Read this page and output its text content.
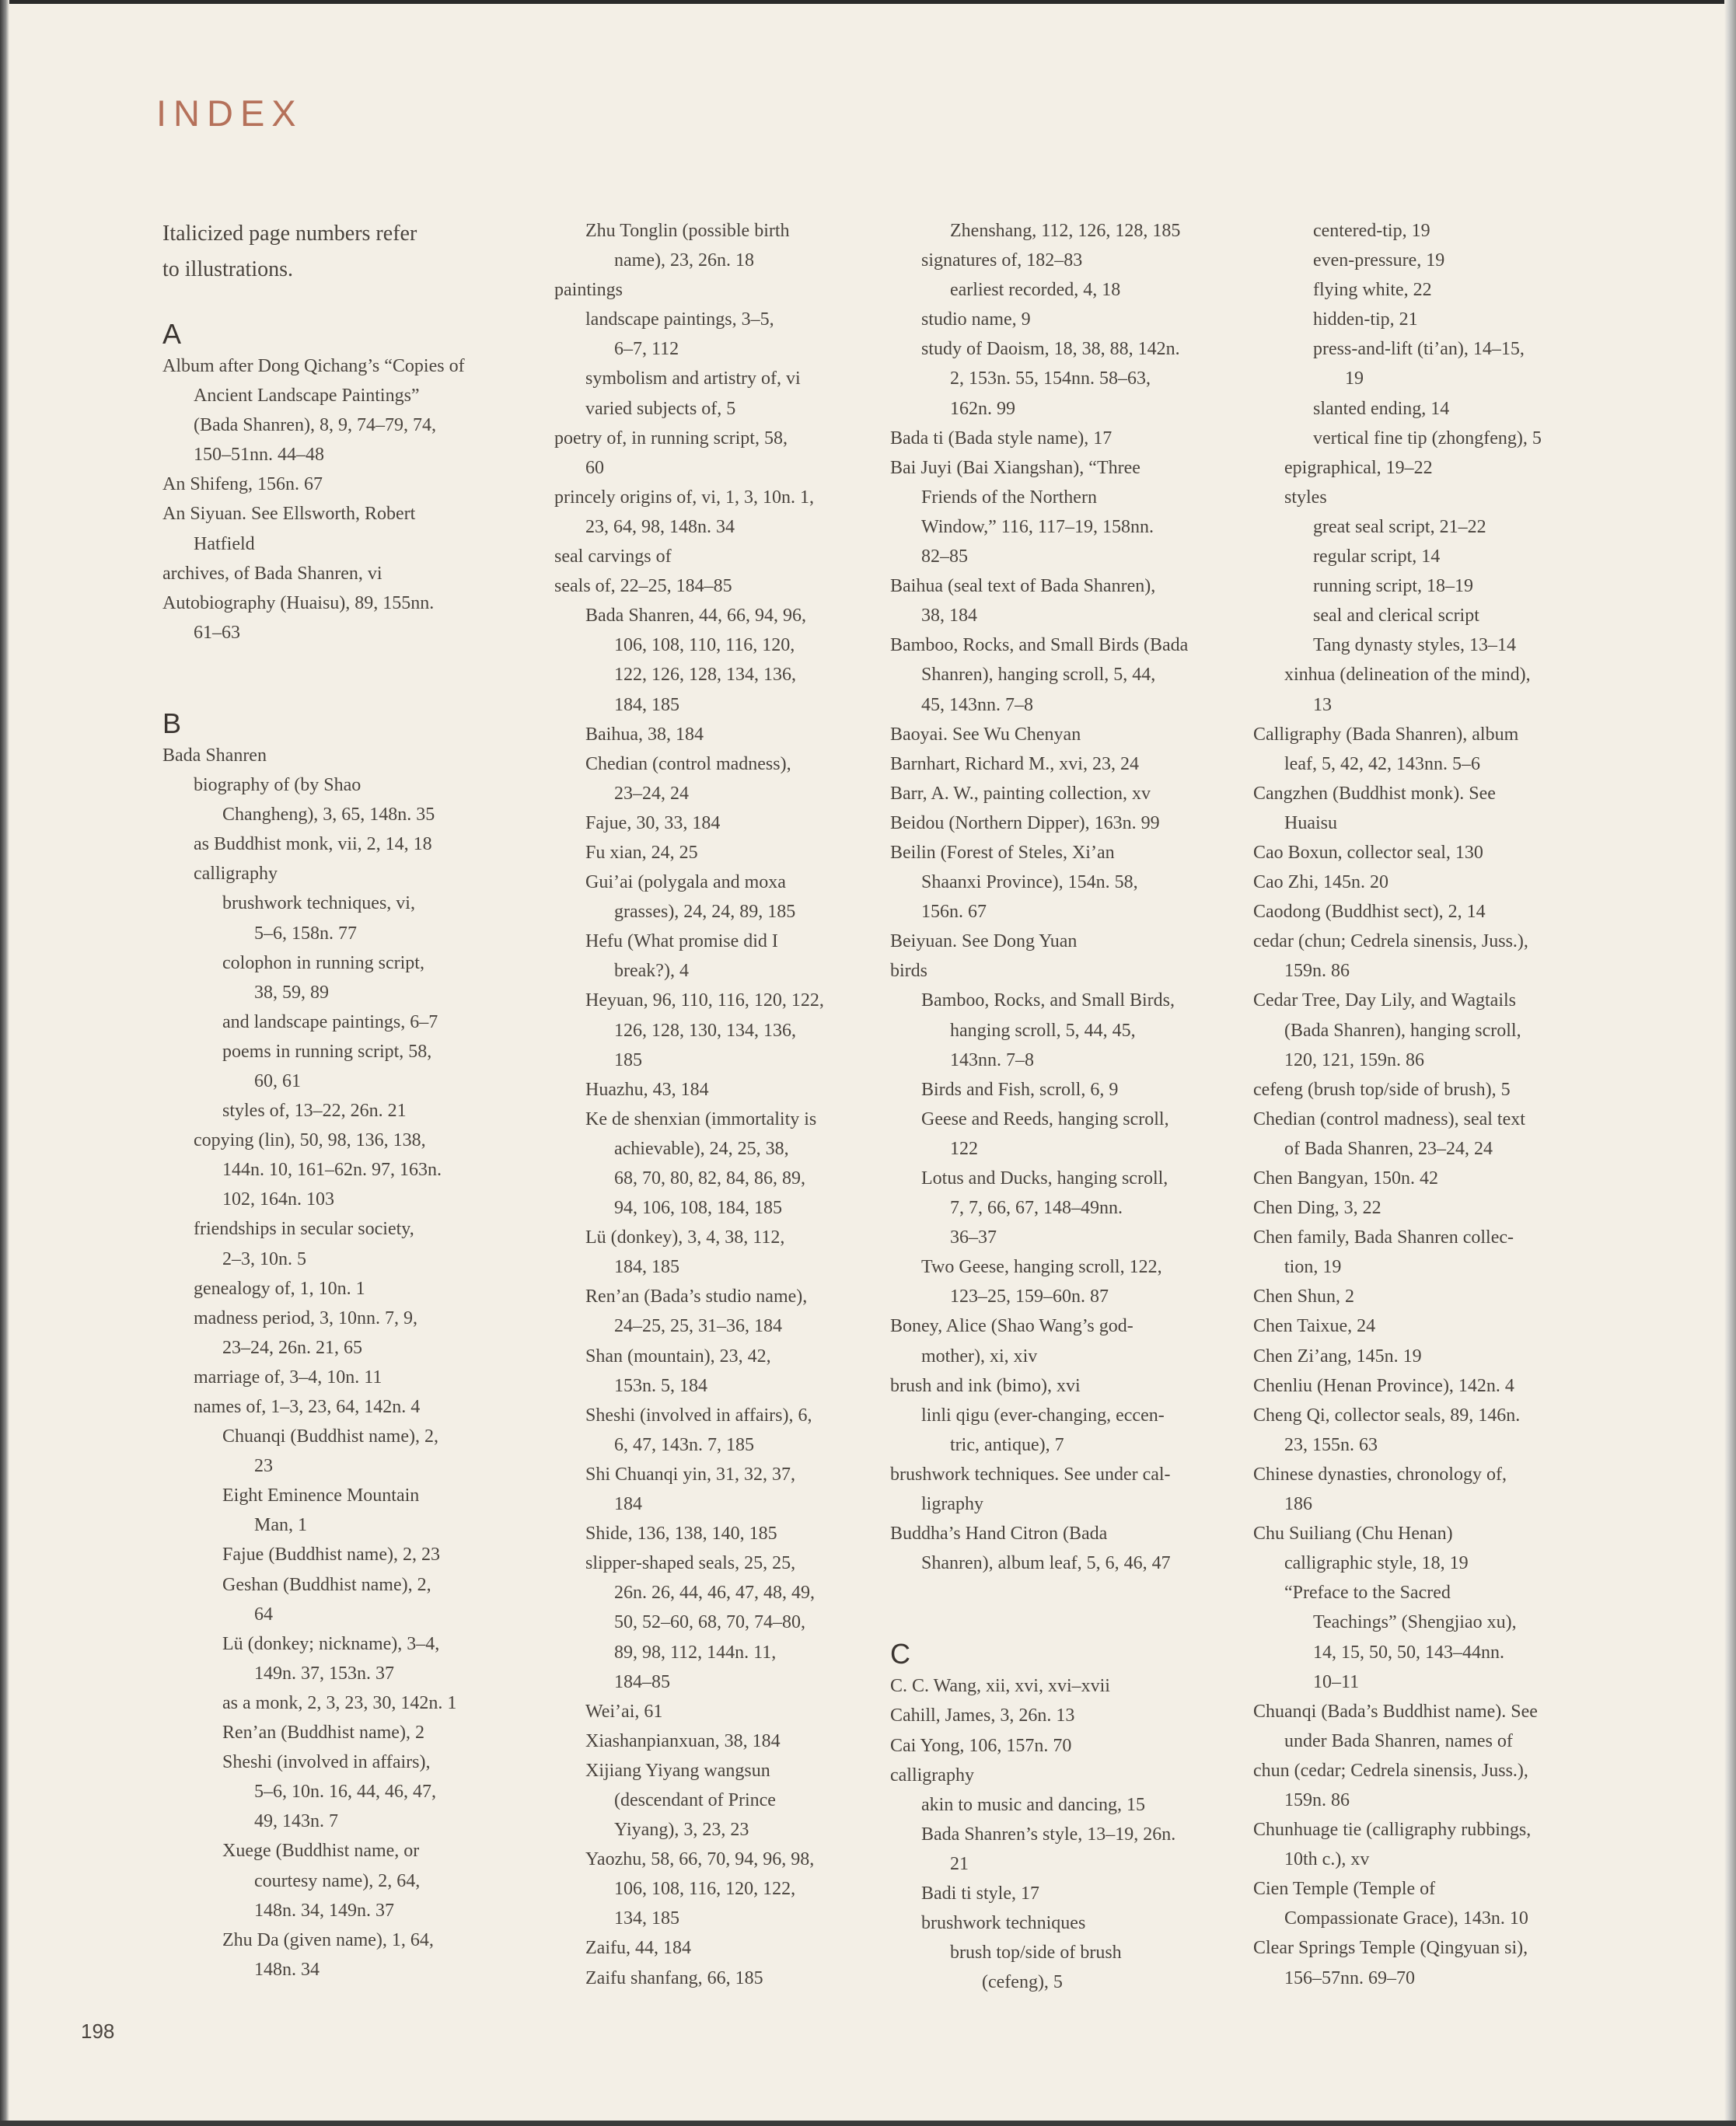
INDEX
Italicized page numbers refer
to illustrations.
A
Album after Dong Qichang’s “Copies of
Ancient Landscape Paintings”
(Bada Shanren), 8, 9, 74–79, 74,
150–51nn. 44–48
An Shifeng, 156n. 67
An Siyuan. See Ellsworth, Robert
Hatfield
archives, of Bada Shanren, vi
Autobiography (Huaisu), 89, 155nn.
61–63
B
Bada Shanren
biography of (by Shao
Changheng), 3, 65, 148n. 35
as Buddhist monk, vii, 2, 14, 18
calligraphy
brushwork techniques, vi,
5–6, 158n. 77
colophon in running script,
38, 59, 89
and landscape paintings, 6–7
poems in running script, 58,
60, 61
styles of, 13–22, 26n. 21
copying (lin), 50, 98, 136, 138,
144n. 10, 161–62n. 97, 163n.
102, 164n. 103
friendships in secular society,
2–3, 10n. 5
genealogy of, 1, 10n. 1
madness period, 3, 10nn. 7, 9,
23–24, 26n. 21, 65
marriage of, 3–4, 10n. 11
names of, 1–3, 23, 64, 142n. 4
Chuanqi (Buddhist name), 2,
23
Eight Eminence Mountain
Man, 1
Fajue (Buddhist name), 2, 23
Geshan (Buddhist name), 2,
64
Lü (donkey; nickname), 3–4,
149n. 37, 153n. 37
as a monk, 2, 3, 23, 30, 142n. 1
Ren’an (Buddhist name), 2
Sheshi (involved in affairs),
5–6, 10n. 16, 44, 46, 47,
49, 143n. 7
Xuege (Buddhist name, or
courtesy name), 2, 64,
148n. 34, 149n. 37
Zhu Da (given name), 1, 64,
148n. 34
Zhu Tonglin (possible birth
name), 23, 26n. 18
paintings
landscape paintings, 3–5,
6–7, 112
symbolism and artistry of, vi
varied subjects of, 5
poetry of, in running script, 58,
60
princely origins of, vi, 1, 3, 10n. 1,
23, 64, 98, 148n. 34
seal carvings of
seals of, 22–25, 184–85
Bada Shanren, 44, 66, 94, 96,
106, 108, 110, 116, 120,
122, 126, 128, 134, 136,
184, 185
Baihua, 38, 184
Chedian (control madness),
23–24, 24
Fajue, 30, 33, 184
Fu xian, 24, 25
Gui’ai (polygala and moxa
grasses), 24, 24, 89, 185
Hefu (What promise did I
break?), 4
Heyuan, 96, 110, 116, 120, 122,
126, 128, 130, 134, 136,
185
Huazhu, 43, 184
Ke de shenxian (immortality is
achievable), 24, 25, 38,
68, 70, 80, 82, 84, 86, 89,
94, 106, 108, 184, 185
Lü (donkey), 3, 4, 38, 112,
184, 185
Ren’an (Bada’s studio name),
24–25, 25, 31–36, 184
Shan (mountain), 23, 42,
153n. 5, 184
Sheshi (involved in affairs), 6,
6, 47, 143n. 7, 185
Shi Chuanqi yin, 31, 32, 37,
184
Shide, 136, 138, 140, 185
slipper-shaped seals, 25, 25,
26n. 26, 44, 46, 47, 48, 49,
50, 52–60, 68, 70, 74–80,
89, 98, 112, 144n. 11,
184–85
Wei’ai, 61
Xiashanpianxuan, 38, 184
Xijiang Yiyang wangsun
(descendant of Prince
Yiyang), 3, 23, 23
Yaozhu, 58, 66, 70, 94, 96, 98,
106, 108, 116, 120, 122,
134, 185
Zaifu, 44, 184
Zaifu shanfang, 66, 185
Zhenshang, 112, 126, 128, 185
signatures of, 182–83
earliest recorded, 4, 18
studio name, 9
study of Daoism, 18, 38, 88, 142n.
2, 153n. 55, 154nn. 58–63,
162n. 99
Bada ti (Bada style name), 17
Bai Juyi (Bai Xiangshan), “Three
Friends of the Northern
Window,” 116, 117–19, 158nn.
82–85
Baihua (seal text of Bada Shanren),
38, 184
Bamboo, Rocks, and Small Birds (Bada
Shanren), hanging scroll, 5, 44,
45, 143nn. 7–8
Baoyai. See Wu Chenyan
Barnhart, Richard M., xvi, 23, 24
Barr, A. W., painting collection, xv
Beidou (Northern Dipper), 163n. 99
Beilin (Forest of Steles, Xi’an
Shaanxi Province), 154n. 58,
156n. 67
Beiyuan. See Dong Yuan
birds
Bamboo, Rocks, and Small Birds,
hanging scroll, 5, 44, 45,
143nn. 7–8
Birds and Fish, scroll, 6, 9
Geese and Reeds, hanging scroll,
122
Lotus and Ducks, hanging scroll,
7, 7, 66, 67, 148–49nn.
36–37
Two Geese, hanging scroll, 122,
123–25, 159–60n. 87
Boney, Alice (Shao Wang’s god-
mother), xi, xiv
brush and ink (bimo), xvi
linli qigu (ever-changing, eccen-
tric, antique), 7
brushwork techniques. See under cal-
ligraphy
Buddha’s Hand Citron (Bada
Shanren), album leaf, 5, 6, 46, 47
C
C. C. Wang, xii, xvi, xvi–xvii
Cahill, James, 3, 26n. 13
Cai Yong, 106, 157n. 70
calligraphy
akin to music and dancing, 15
Bada Shanren’s style, 13–19, 26n.
21
Badi ti style, 17
brushwork techniques
brush top/side of brush
(cefeng), 5
centered-tip, 19
even-pressure, 19
flying white, 22
hidden-tip, 21
press-and-lift (ti’an), 14–15,
19
slanted ending, 14
vertical fine tip (zhongfeng), 5
epigraphical, 19–22
styles
great seal script, 21–22
regular script, 14
running script, 18–19
seal and clerical script
Tang dynasty styles, 13–14
xinhua (delineation of the mind),
13
Calligraphy (Bada Shanren), album
leaf, 5, 42, 42, 143nn. 5–6
Cangzhen (Buddhist monk). See
Huaisu
Cao Boxun, collector seal, 130
Cao Zhi, 145n. 20
Caodong (Buddhist sect), 2, 14
cedar (chun; Cedrela sinensis, Juss.),
159n. 86
Cedar Tree, Day Lily, and Wagtails
(Bada Shanren), hanging scroll,
120, 121, 159n. 86
cefeng (brush top/side of brush), 5
Chedian (control madness), seal text
of Bada Shanren, 23–24, 24
Chen Bangyan, 150n. 42
Chen Ding, 3, 22
Chen family, Bada Shanren collec-
tion, 19
Chen Shun, 2
Chen Taixue, 24
Chen Zi’ang, 145n. 19
Chenliu (Henan Province), 142n. 4
Cheng Qi, collector seals, 89, 146n.
23, 155n. 63
Chinese dynasties, chronology of,
186
Chu Suiliang (Chu Henan)
calligraphic style, 18, 19
“Preface to the Sacred
Teachings” (Shengjiao xu),
14, 15, 50, 50, 143–44nn.
10–11
Chuanqi (Bada’s Buddhist name). See
under Bada Shanren, names of
chun (cedar; Cedrela sinensis, Juss.),
159n. 86
Chunhuage tie (calligraphy rubbings,
10th c.), xv
Cien Temple (Temple of
Compassionate Grace), 143n. 10
Clear Springs Temple (Qingyuan si),
156–57nn. 69–70
198
